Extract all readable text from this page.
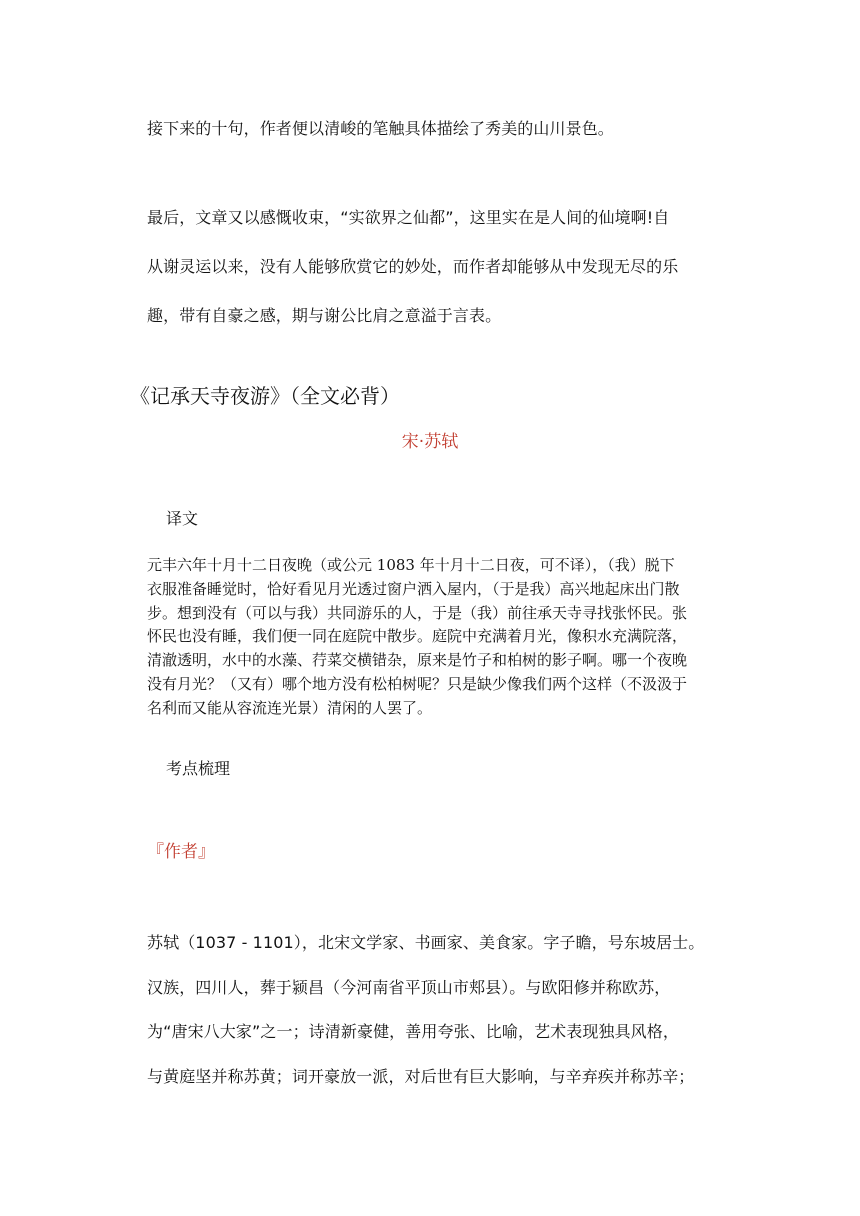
接下来的十句，作者便以清峻的笔触具体描绘了秀美的山川景色。
最后，文章又以感慨收束，“实欲界之仙都”，这里实在是人间的仙境啊!自
从谢灵运以来，没有人能够欣赏它的妙处，而作者却能够从中发现无尽的乐
趣，带有自豪之感，期与谢公比肩之意溢于言表。
《记承天寺夜游》（全文必背）
宋·苏轼
译文
元丰六年十月十二日夜晚（或公元 1083 年十月十二日夜，可不译），（我）脱下
衣服准备睡觉时，恰好看见月光透过窗户洒入屋内，（于是我）高兴地起床出门散
步。想到没有（可以与我）共同游乐的人，于是（我）前往承天寺寻找张怀民。张
怀民也没有睡，我们便一同在庭院中散步。庭院中充满着月光，像积水充满院落，
清澈透明，水中的水藻、荇菜交横错杂，原来是竹子和柏树的影子啊。哪一个夜晚
没有月光？（又有）哪个地方没有松柏树呢？只是缺少像我们两个这样（不汲汲于
名利而又能从容流连光景）清闲的人罢了。
考点梳理
『作者』
苏轼（1037 - 1101），北宋文学家、书画家、美食家。字子瞻，号东坡居士。
汉族，四川人，葬于颍昌（今河南省平顶山市郏县）。与欧阳修并称欧苏，
为“唐宋八大家”之一；诗清新豪健，善用夸张、比喻，艺术表现独具风格，
与黄庭坚并称苏黄；词开豪放一派，对后世有巨大影响，与辛弃疾并称苏辛；
